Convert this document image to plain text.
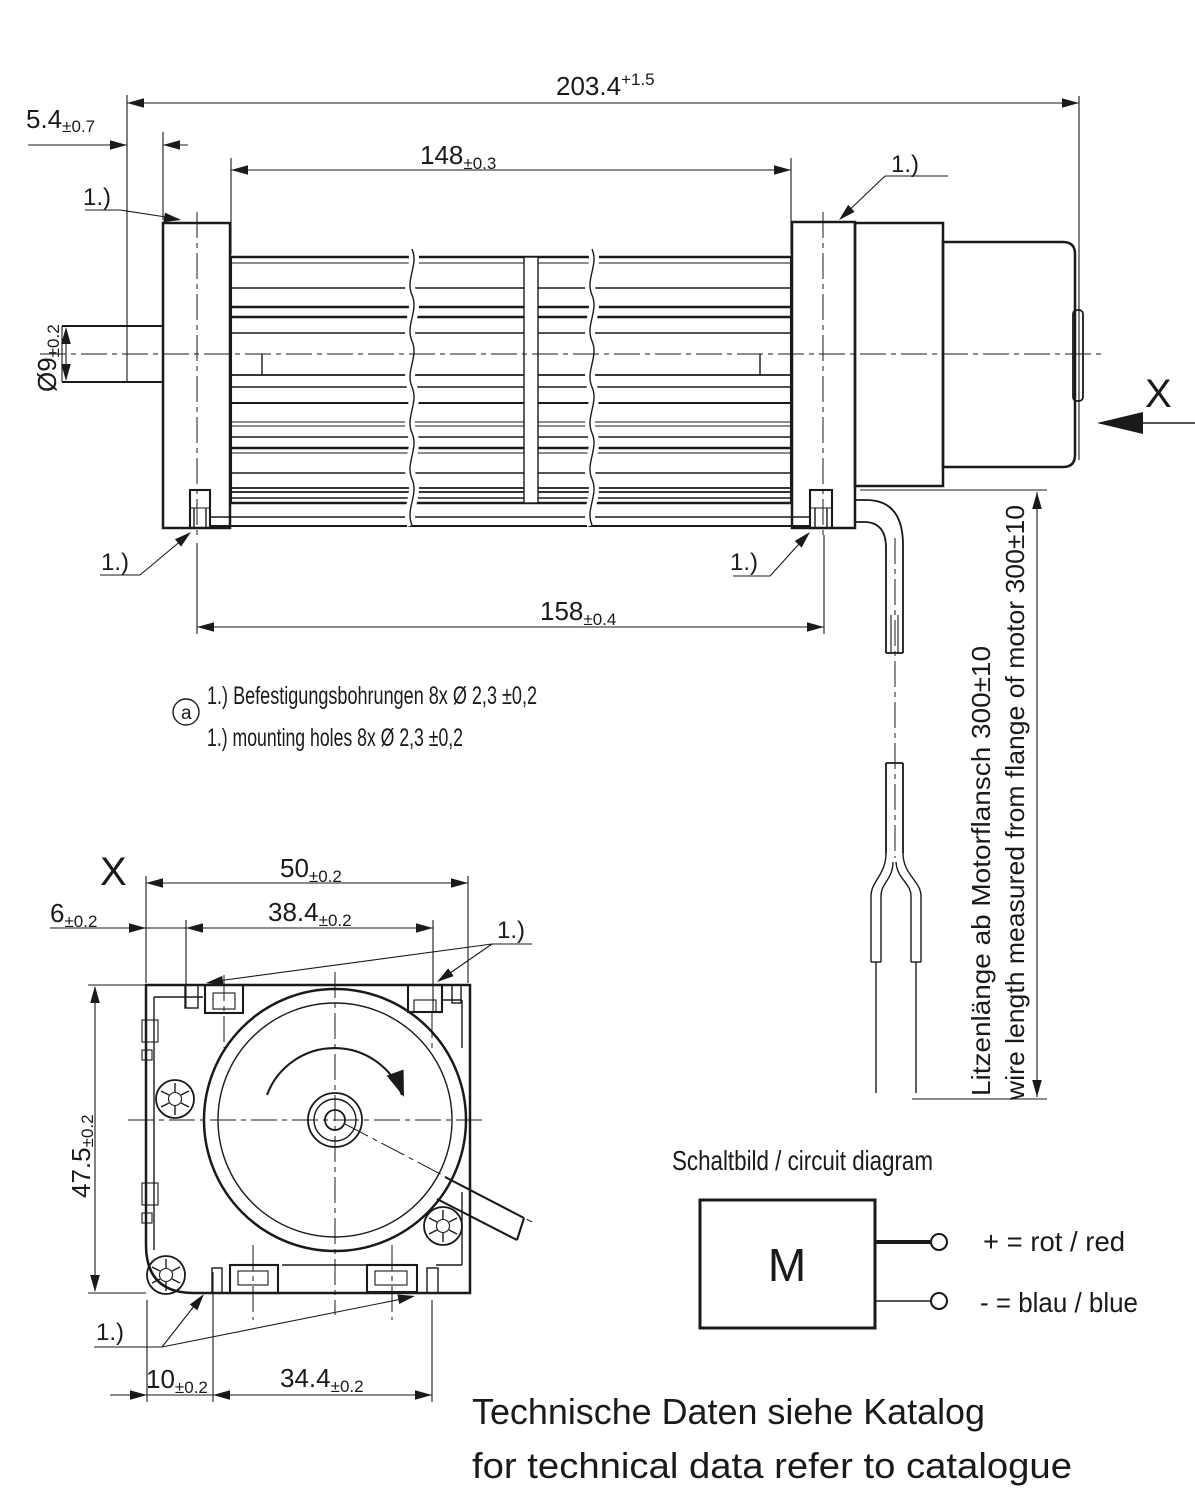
Ø9±0.2
$203.4^{+1.5}$
5.4±0.7
148±0.3
158±0.4
1.)
1.)
1.)	1.)
X
Litzenlänge ab Motorflansch 300±10 wire length measured from flange of motor 300±10
a
1.) Befestigungsbohrungen 8x Ø 2,3 ±0,2
1.) mounting holes 8x Ø 2,3 ±0,2
X	50±0.2
38.4±0.2
6±0.2
47.5±0.2
10±0.2	34.4±0.2
1.)
1.)
Schaltbild / circuit diagram
M	+ = rot / red
- = blau / blue
Technische Daten siehe Katalog
for technical data refer to catalogue
